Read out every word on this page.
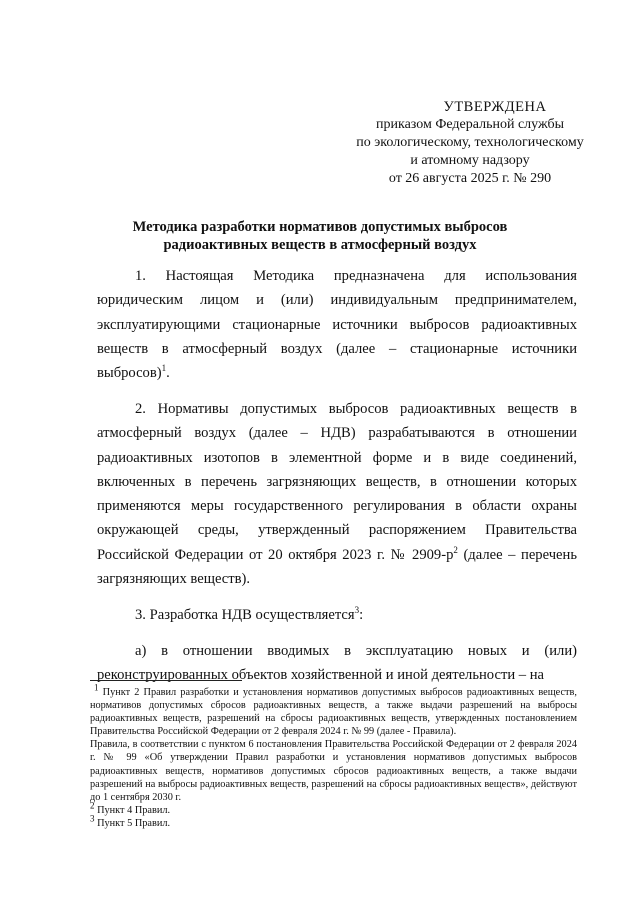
УТВЕРЖДЕНА
приказом Федеральной службы
по экологическому, технологическому
и атомному надзору
от 26 августа 2025 г. № 290
Методика разработки нормативов допустимых выбросов
радиоактивных веществ в атмосферный воздух

1. Настоящая Методика предназначена для использования юридическим лицом и (или) индивидуальным предпринимателем, эксплуатирующими стационарные источники выбросов радиоактивных веществ в атмосферный воздух (далее – стационарные источники выбросов)$^1$.

2. Нормативы допустимых выбросов радиоактивных веществ в атмосферный воздух (далее – НДВ) разрабатываются в отношении радиоактивных изотопов в элементной форме и в виде соединений, включенных в перечень загрязняющих веществ, в отношении которых применяются меры государственного регулирования в области охраны окружающей среды, утвержденный распоряжением Правительства Российской Федерации от 20 октября 2023 г. № $2909-р^2$ (далее – перечень загрязняющих веществ).

3. Разработка НДВ осуществляется$^3$:

а) в отношении вводимых в эксплуатацию новых и (или) реконструированных объектов хозяйственной и иной деятельности – на

$^1$ Пункт 2 Правил разработки и установления нормативов допустимых выбросов радиоактивных веществ, нормативов допустимых сбросов радиоактивных веществ, а также выдачи разрешений на выбросы радиоактивных веществ, разрешений на сбросы радиоактивных веществ, утвержденных постановлением Правительства Российской Федерации от 2 февраля 2024 г. № 99 (далее - Правила).

Правила, в соответствии с пунктом 6 постановления Правительства Российской Федерации от 2 февраля 2024 г. № 99 «Об утверждении Правил разработки и установления нормативов допустимых выбросов радиоактивных веществ, нормативов допустимых сбросов радиоактивных веществ, а также выдачи разрешений на выбросы радиоактивных веществ, разрешений на сбросы радиоактивных веществ», действуют до 1 сентября 2030 г.

$^2$ Пункт 4 Правил.

$^3$ Пункт 5 Правил.
